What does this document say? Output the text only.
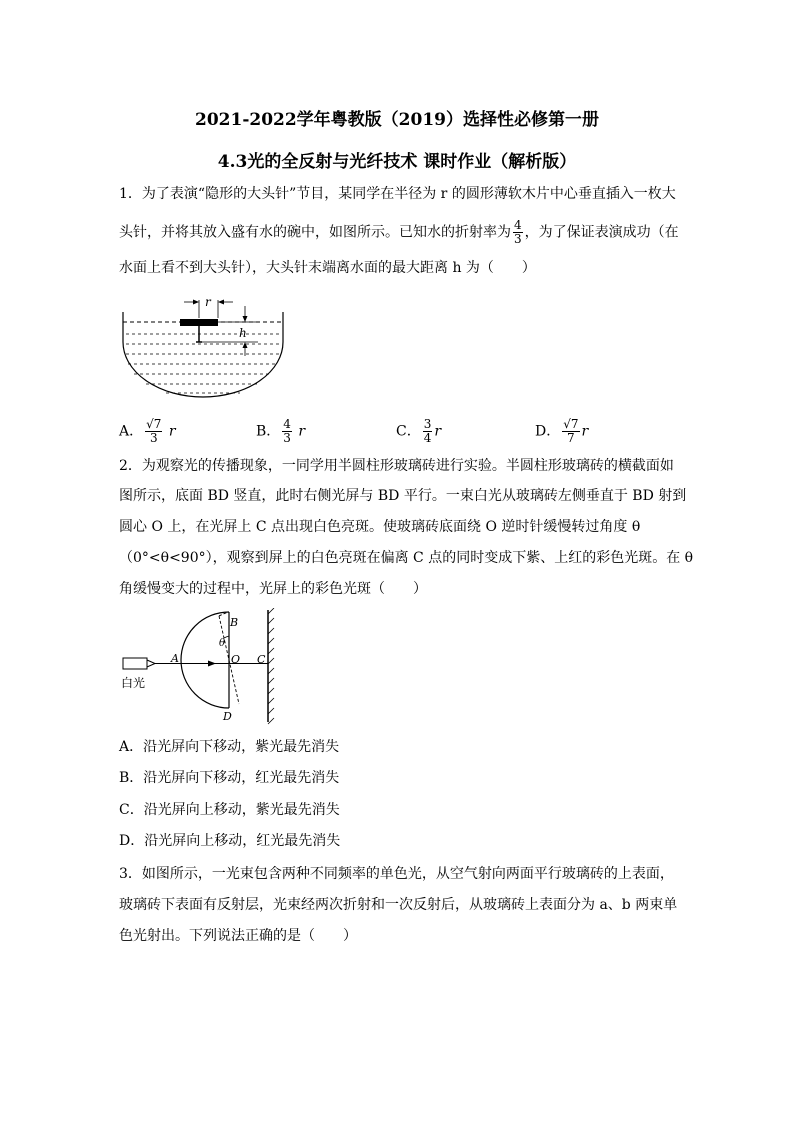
2021-2022学年粤教版（2019）选择性必修第一册
4.3光的全反射与光纤技术 课时作业（解析版）
1．为了表演“隐形的大头针”节目，某同学在半径为 r 的圆形薄软木片中心垂直插入一枚大
头针，并将其放入盛有水的碗中，如图所示。已知水的折射率为 $\frac{4}{3}$ ，为了保证表演成功（在
水面上看不到大头针），大头针末端离水面的最大距离 h 为（　　）
r
h
A． $\frac{√7}{3}$ r	B． $\frac{4}{3}$ r	C． $\frac{3}{4}$ r	D． $\frac{√7}{7}$ r
2．为观察光的传播现象，一同学用半圆柱形玻璃砖进行实验。半圆柱形玻璃砖的横截面如
图所示，底面 BD 竖直，此时右侧光屏与 BD 平行。一束白光从玻璃砖左侧垂直于 BD 射到
圆心 O 上，在光屏上 C 点出现白色亮斑。使玻璃砖底面绕 O 逆时针缓慢转过角度 θ
（0°<θ<90°），观察到屏上的白色亮斑在偏离 C 点的同时变成下紫、上红的彩色光斑。在 θ
角缓慢变大的过程中，光屏上的彩色光斑（　　）
白光
A
B
θ
O C
D
A．沿光屏向下移动，紫光最先消失
B．沿光屏向下移动，红光最先消失
C．沿光屏向上移动，紫光最先消失
D．沿光屏向上移动，红光最先消失
3．如图所示，一光束包含两种不同频率的单色光，从空气射向两面平行玻璃砖的上表面，
玻璃砖下表面有反射层，光束经两次折射和一次反射后，从玻璃砖上表面分为 a、b 两束单
色光射出。下列说法正确的是（　　）
